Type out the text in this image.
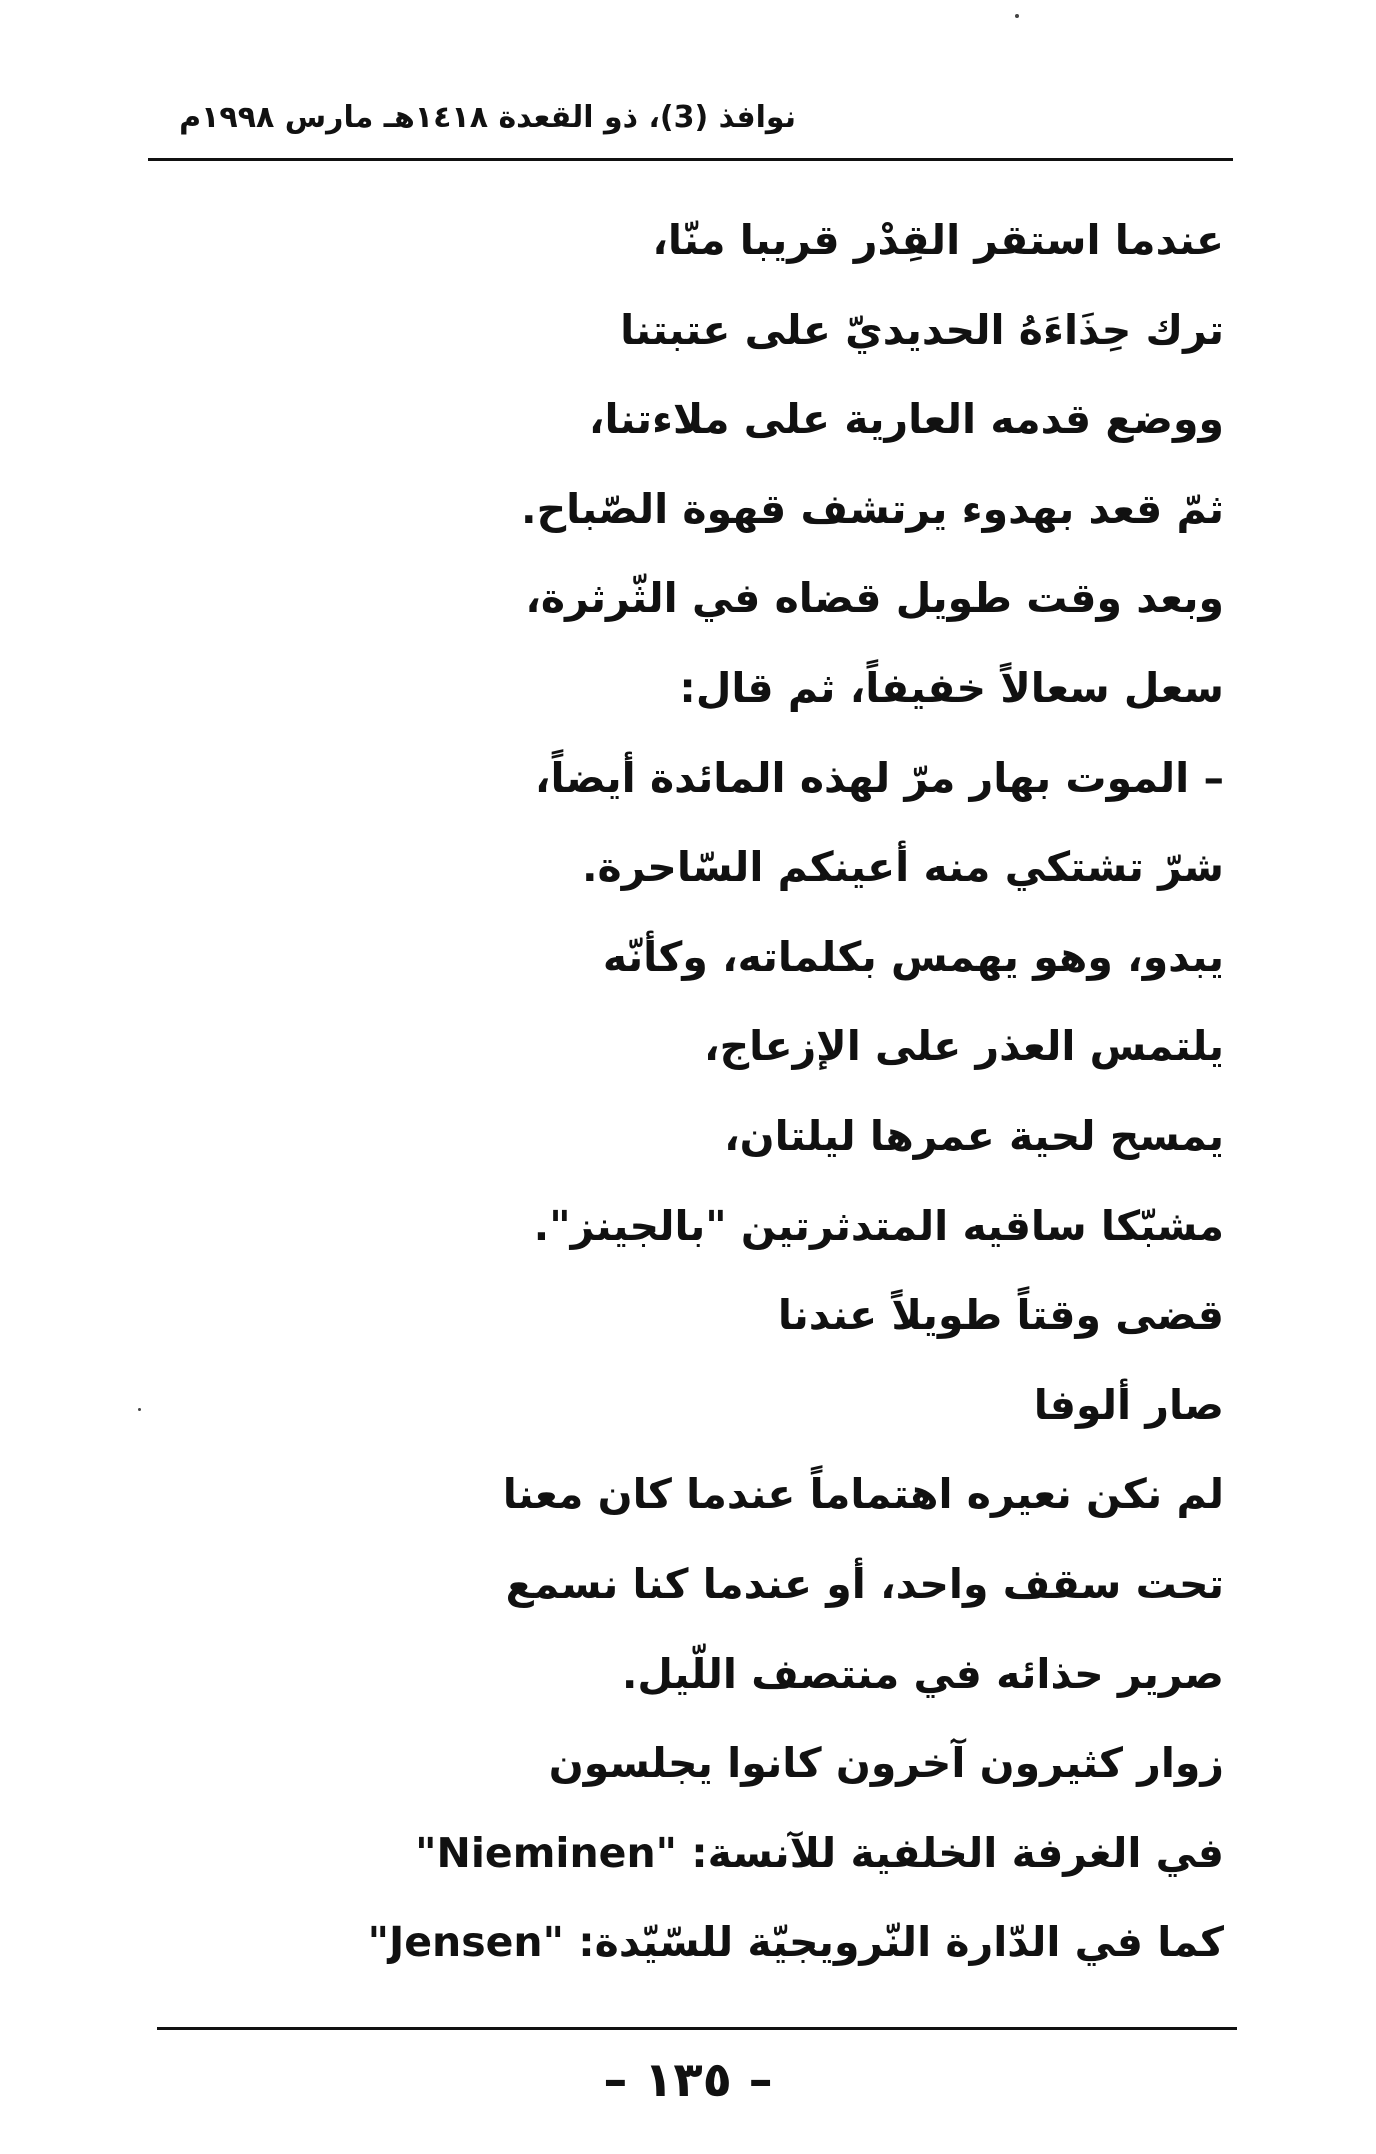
نوافذ (3)، ذو القعدة ١٤١٨هـ مارس ١٩٩٨م
عندما استقر القِدْر قريبا منّا،
ترك حِذَاءَهُ الحديديّ على عتبتنا
ووضع قدمه العارية على ملاءتنا،
ثمّ قعد بهدوء يرتشف قهوة الصّباح.
وبعد وقت طويل قضاه في الثّرثرة،
سعل سعالاً خفيفاً، ثم قال:
– الموت بهار مرّ لهذه المائدة أيضاً،
شرّ تشتكي منه أعينكم السّاحرة.
يبدو، وهو يهمس بكلماته، وكأنّه
يلتمس العذر على الإزعاج،
يمسح لحية عمرها ليلتان،
مشبّكا ساقيه المتدثرتين "بالجينز".
قضى وقتاً طويلاً عندنا
صار ألوفا
لم نكن نعيره اهتماماً عندما كان معنا
تحت سقف واحد، أو عندما كنا نسمع
صرير حذائه في منتصف اللّيل.
زوار كثيرون آخرون كانوا يجلسون
في الغرفة الخلفية للآنسة: "Nieminen"
كما في الدّارة النّرويجيّة للسّيّدة: "Jensen"
– ١٣٥ –
